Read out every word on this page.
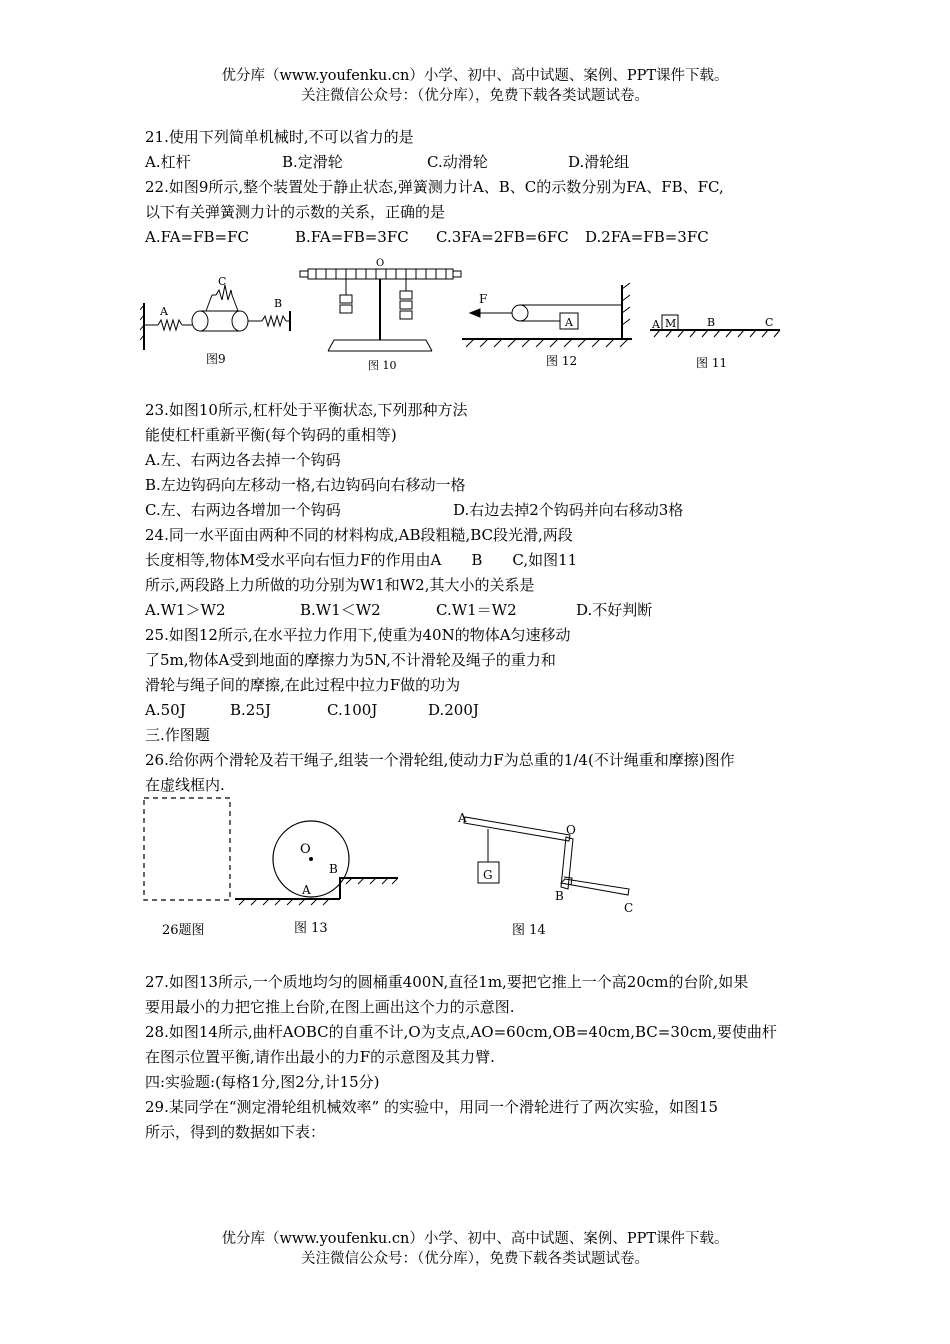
优分库（www.youfenku.cn）小学、初中、高中试题、案例、PPT课件下载。
关注微信公众号：（优分库），免费下载各类试题试卷。
21.使用下列简单机械时,不可以省力的是
A.杠杆	B.定滑轮	C.动滑轮	D.滑轮组
22.如图9所示,整个装置处于静止状态,弹簧测力计A、B、C的示数分别为FA、FB、FC,
以下有关弹簧测力计的示数的关系，正确的是
A.FA=FB=FC	B.FA=FB=3FC C.3FA=2FB=6FC D.2FA=FB=3FC
A
C
B
图9
O
图 10
F
A
图 12
A M	B	C
图 11
23.如图10所示,杠杆处于平衡状态,下列那种方法
能使杠杆重新平衡(每个钩码的重相等)
A.左、右两边各去掉一个钩码
B.左边钩码向左移动一格,右边钩码向右移动一格
C.左、右两边各增加一个钩码	D.右边去掉2个钩码并向右移动3格
24.同一水平面由两种不同的材料构成,AB段粗糙,BC段光滑,两段
长度相等,物体M受水平向右恒力F的作用由A　　B　　C,如图11
所示,两段路上力所做的功分别为W1和W2,其大小的关系是
A.W1＞W2	B.W1＜W2	C.W1＝W2	D.不好判断
25.如图12所示,在水平拉力作用下,使重为40N的物体A匀速移动
了5m,物体A受到地面的摩擦力为5N,不计滑轮及绳子的重力和
滑轮与绳子间的摩擦,在此过程中拉力F做的功为
A.50J	B.25J	C.100J	D.200J
三.作图题
26.给你两个滑轮及若干绳子,组装一个滑轮组,使动力F为总重的1/4(不计绳重和摩擦)图作
在虚线框内.
26题图
O
B
A
图 13
A
O
G
B
C
图 14
27.如图13所示,一个质地均匀的圆桶重400N,直径1m,要把它推上一个高20cm的台阶,如果
要用最小的力把它推上台阶,在图上画出这个力的示意图.
28.如图14所示,曲杆AOBC的自重不计,O为支点,AO=60cm,OB=40cm,BC=30cm,要使曲杆
在图示位置平衡,请作出最小的力F的示意图及其力臂.
四:实验题:(每格1分,图2分,计15分)
29.某同学在“测定滑轮组机械效率” 的实验中，用同一个滑轮进行了两次实验，如图15
所示，得到的数据如下表：
优分库（www.youfenku.cn）小学、初中、高中试题、案例、PPT课件下载。
关注微信公众号：（优分库），免费下载各类试题试卷。
